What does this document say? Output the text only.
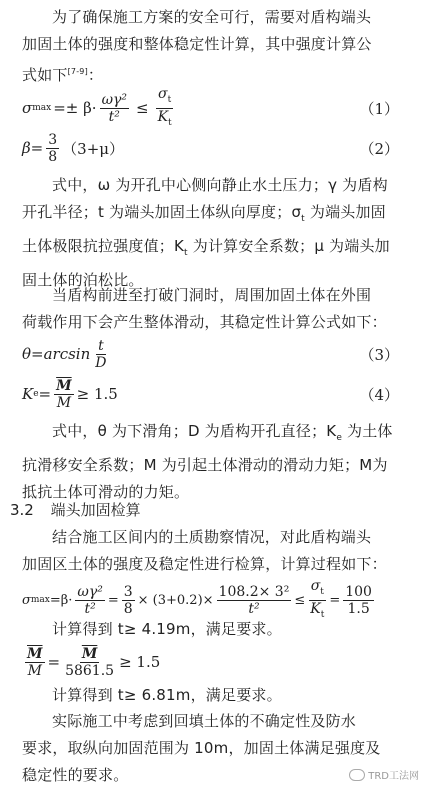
为了确保施工方案的安全可行，需要对盾构端头
加固土体的强度和整体稳定性计算，其中强度计算公
式如下[7-9]：
σ $\max =\pm \beta\cdot \frac{\text{ωγ²}}{\text{t²}} \le \frac{\sigma_t}{K_t}$	（1）
$\beta= \frac{3}{8} (3+\mu)$	（2）
式中，ω 为开孔中心侧向静止水土压力；γ 为盾构
开孔半径；t 为端头加固土体纵向厚度；$\sigma_t$ 为端头加固
土体极限抗拉强度值；$K_t$ 为计算安全系数；μ 为端头加
固土体的泊松比。
当盾构前进至打破门洞时，周围加固土体在外围
荷载作用下会产生整体滑动，其稳定性计算公式如下：
$\theta=\arcsin \frac{t}{D}$	（3）
K $e = \frac{\overline{M}}{M} \ge 1.5$	（4）
式中，θ 为下滑角；D 为盾构开孔直径；$K_e$ 为土体
抗滑移安全系数；M 为引起土体滑动的滑动力矩；M为
抵抗土体可滑动的力矩。
3.2 端头加固检算
结合施工区间内的土质勘察情况，对此盾构端头
加固区土体的强度及稳定性进行检算，计算过程如下：
σ $\max =\beta\cdot \frac{\text{ωγ²}}{\text{t²}} = \frac{3}{8} \times (3+0.2)\times \frac{\text{108.2× 3²}}{\text{t²}} \le \frac{\sigma_t}{K_t} = \frac{100}{1.5}$
计算得到 t≥ 4.19m，满足要求。
$\frac{\overline{M}}{M} = \frac{\overline{M}}{5861.5} \ge 1.5$
计算得到 t≥ 6.81m，满足要求。
实际施工中考虑到回填土体的不确定性及防水
要求，取纵向加固范围为 10m，加固土体满足强度及
稳定性的要求。	TRD工法网
